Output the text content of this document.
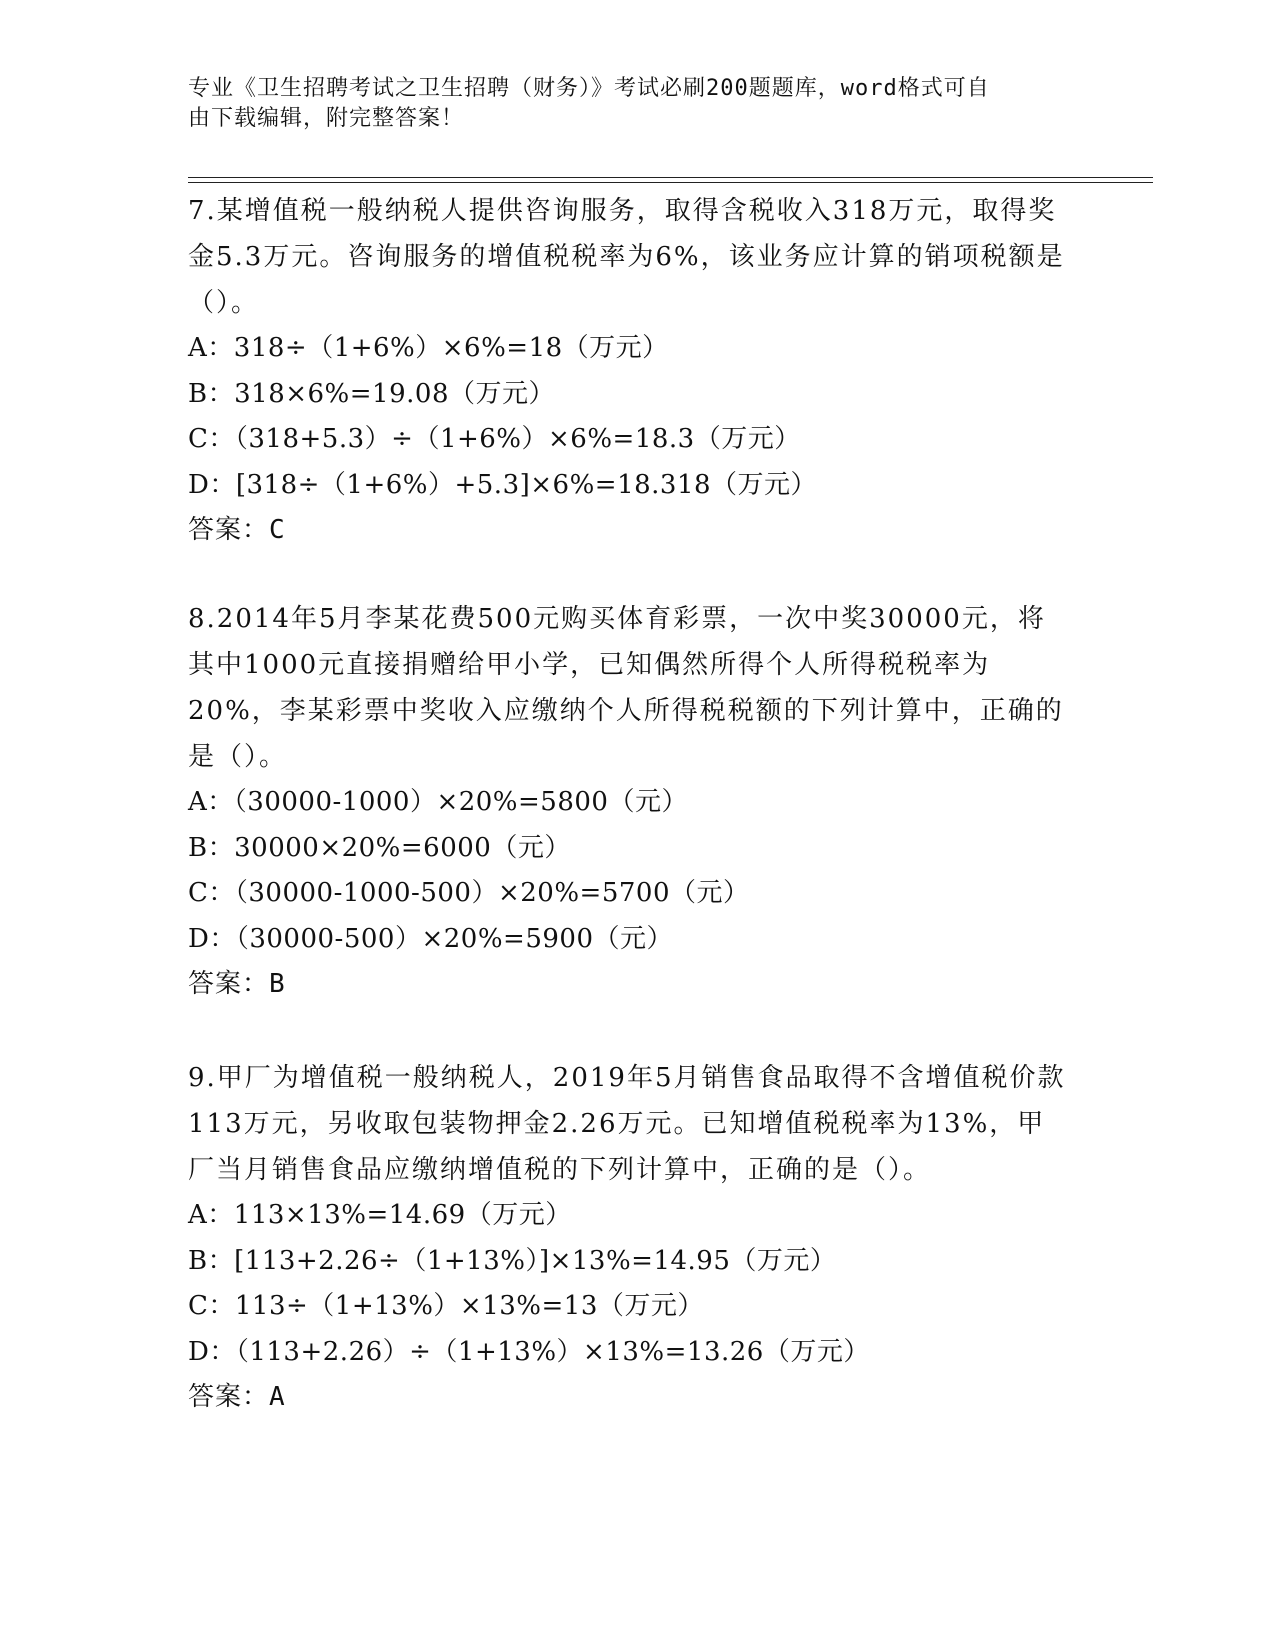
专业《卫生招聘考试之卫生招聘（财务）》考试必刷200题题库，word格式可自
由下载编辑，附完整答案！
7.某增值税一般纳税人提供咨询服务，取得含税收入318万元，取得奖金5.3万元。咨询服务的增值税税率为6%，该业务应计算的销项税额是（）。
A：318÷（1+6%）×6%=18（万元）
B：318×6%=19.08（万元）
C：（318+5.3）÷（1+6%）×6%=18.3（万元）
D：[318÷（1+6%）+5.3]×6%=18.318（万元）
答案：C
8.2014年5月李某花费500元购买体育彩票，一次中奖30000元，将其中1000元直接捐赠给甲小学，已知偶然所得个人所得税税率为20%，李某彩票中奖收入应缴纳个人所得税税额的下列计算中，正确的是（）。
A：（30000-1000）×20%=5800（元）
B：30000×20%=6000（元）
C：（30000-1000-500）×20%=5700（元）
D：（30000-500）×20%=5900（元）
答案：B
9.甲厂为增值税一般纳税人，2019年5月销售食品取得不含增值税价款113万元，另收取包装物押金2.26万元。已知增值税税率为13%，甲厂当月销售食品应缴纳增值税的下列计算中，正确的是（）。
A：113×13%=14.69（万元）
B：[113+2.26÷（1+13%）]×13%=14.95（万元）
C：113÷（1+13%）×13%=13（万元）
D：（113+2.26）÷（1+13%）×13%=13.26（万元）
答案：A
